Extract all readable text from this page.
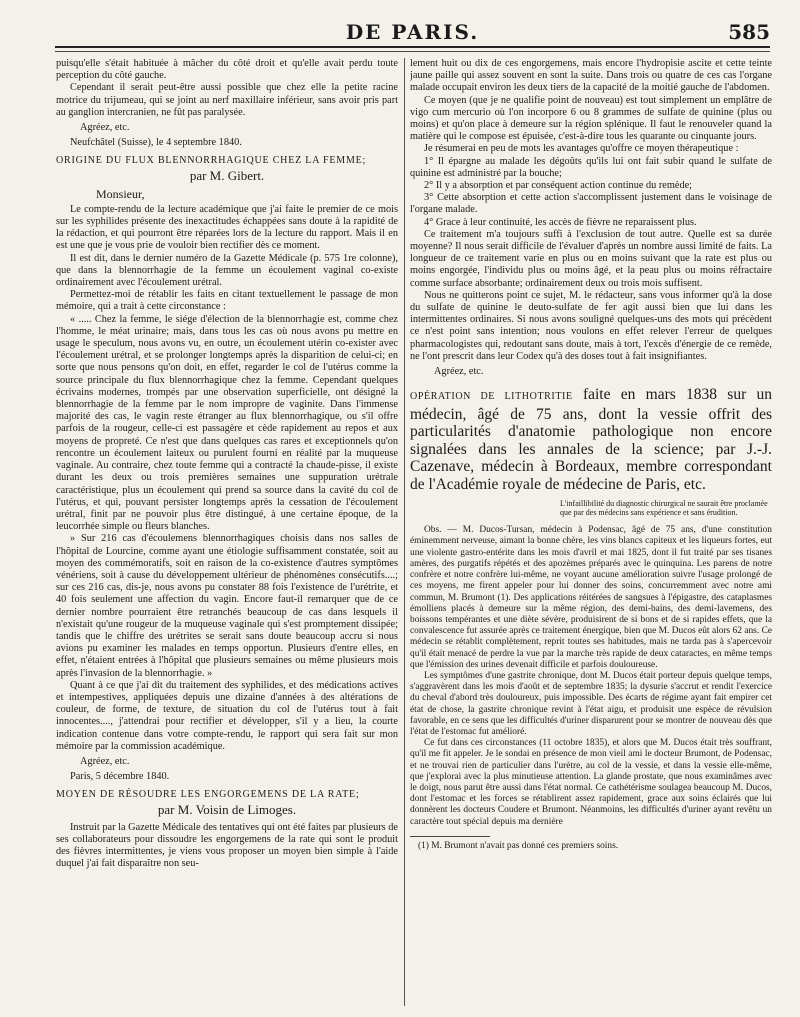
DE PARIS.	585

puisqu'elle s'était habituée à mâcher du côté droit et qu'elle avait perdu toute perception du côté gauche.

Cependant il serait peut-être aussi possible que chez elle la petite racine motrice du trijumeau, qui se joint au nerf maxillaire inférieur, sans avoir pris part au ganglion intercranien, ne fût pas paralysée.

Agréez, etc.

Neufchâtel (Suisse), le 4 septembre 1840.

ORIGINE DU FLUX BLENNORRHAGIQUE CHEZ LA FEMME;

par M. Gibert.

Monsieur,

Le compte-rendu de la lecture académique que j'ai faite le premier de ce mois sur les syphilides présente des inexactitudes échappées sans doute à la rapidité de la rédaction, et qui pourront être réparées lors de la lecture du rapport. Mais il en est une que je vous prie de vouloir bien rectifier dès ce moment.

Il est dit, dans le dernier numéro de la Gazette Médicale (p. 575 1re colonne), que dans la blennorrhagie de la femme un écoulement vaginal co-existe ordinairement avec l'écoulement urétral.

Permettez-moi de rétablir les faits en citant textuellement le passage de mon mémoire, qui a trait à cette circonstance :

« ..... Chez la femme, le siége d'élection de la blennorrhagie est, comme chez l'homme, le méat urinaire; mais, dans tous les cas où nous avons pu mettre en usage le speculum, nous avons vu, en outre, un écoulement utérin co-exister avec l'écoulement urétral, et se prolonger longtemps après la disparition de celui-ci; en sorte que nous pensons qu'on doit, en effet, regarder le col de l'utérus comme la source principale du flux blennorrhagique chez la femme. Cependant quelques écrivains modernes, trompés par une observation superficielle, ont désigné la blennorrhagie de la femme par le nom impropre de vaginite. Dans l'immense majorité des cas, le vagin reste étranger au flux blennorrhagique, ou s'il offre parfois de la rougeur, celle-ci est passagère et cède rapidement au repos et aux moyens de propreté. Ce n'est que dans quelques cas rares et exceptionnels qu'on rencontre un écoulement laiteux ou purulent fourni en réalité par la muqueuse vaginale. Au contraire, chez toute femme qui a contracté la chaude-pisse, il existe durant les deux ou trois premières semaines une suppuration urétrale caractéristique, plus un écoulement qui prend sa source dans la cavité du col de l'utérus, et qui, pouvant persister longtemps après la cessation de l'écoulement urétral, finit par ne pouvoir plus être distingué, à une certaine époque, de la leucorrhée simple ou fleurs blanches.

» Sur 216 cas d'écoulemens blennorrhagiques choisis dans nos salles de l'hôpital de Lourcine, comme ayant une étiologie suffisamment constatée, soit au moyen des commémoratifs, soit en raison de la co-existence d'autres symptômes vénériens, soit à cause du développement ultérieur de phénomènes consécutifs....; sur ces 216 cas, dis-je, nous avons pu constater 88 fois l'existence de l'urétrite, et 40 fois seulement une affection du vagin. Encore faut-il remarquer que de ce dernier nombre pourraient être retranchés beaucoup de cas dans lesquels il n'existait qu'une rougeur de la muqueuse vaginale qui s'est promptement dissipée; tandis que le chiffre des urétrites se serait sans doute beaucoup accru si nous avions pu examiner les malades en temps opportun. Plusieurs d'entre elles, en effet, n'étaient entrées à l'hôpital que plusieurs semaines ou même plusieurs mois après l'invasion de la blennorrhagie. »

Quant à ce que j'ai dit du traitement des syphilides, et des médications actives et intempestives, appliquées depuis une dizaine d'années à des altérations de couleur, de forme, de texture, de situation du col de l'utérus tout à fait innocentes...., j'attendrai pour rectifier et développer, s'il y a lieu, la courte indication contenue dans votre compte-rendu, le rapport qui sera fait sur mon mémoire par la commission académique.

Agréez, etc.

Paris, 5 décembre 1840.

MOYEN DE RÉSOUDRE LES ENGORGEMENS DE LA RATE;

par M. Voisin de Limoges.

Instruit par la Gazette Médicale des tentatives qui ont été faites par plusieurs de ses collaborateurs pour dissoudre les engorgemens de la rate qui sont le produit des fièvres intermittentes, je viens vous proposer un moyen bien simple à l'aide duquel j'ai fait disparaître non seu-

lement huit ou dix de ces engorgemens, mais encore l'hydropisie ascite et cette teinte jaune paille qui assez souvent en sont la suite. Dans trois ou quatre de ces cas l'organe malade occupait environ les deux tiers de la capacité de la moitié gauche de l'abdomen.

Ce moyen (que je ne qualifie point de nouveau) est tout simplement un emplâtre de vigo cum mercurio où l'on incorpore 6 ou 8 grammes de sulfate de quinine (plus ou moins) et qu'on place à demeure sur la région splénique. Il faut le renouveler quand la matière qui le compose est épuisée, c'est-à-dire tous les quarante ou cinquante jours.

Je résumerai en peu de mots les avantages qu'offre ce moyen thérapeutique :

1° Il épargne au malade les dégoûts qu'ils lui ont fait subir quand le sulfate de quinine est administré par la bouche;

2° Il y a absorption et par conséquent action continue du remède;

3° Cette absorption et cette action s'accomplissent justement dans le voisinage de l'organe malade.

4° Grace à leur continuité, les accès de fièvre ne reparaissent plus.

Ce traitement m'a toujours suffi à l'exclusion de tout autre. Quelle est sa durée moyenne? Il nous serait difficile de l'évaluer d'après un nombre aussi limité de faits. La longueur de ce traitement varie en plus ou en moins suivant que la rate est plus ou moins engorgée, l'individu plus ou moins âgé, et la peau plus ou moins réfractaire comme surface absorbante; ordinairement deux ou trois mois suffisent.

Nous ne quitterons point ce sujet, M. le rédacteur, sans vous informer qu'à la dose du sulfate de quinine le deuto-sulfate de fer agit aussi bien que lui dans les intermittentes ordinaires. Si nous avons souligné quelques-uns des mots qui précèdent ce n'est point sans intention; nous voulons en effet relever l'erreur de quelques pharmacologistes qui, redoutant sans doute, mais à tort, l'excès d'énergie de ce remède, ne l'ont prescrit dans leur Codex qu'à des doses tout à fait insignifiantes.

Agréez, etc.

OPÉRATION DE LITHOTRITIE faite en mars 1838 sur un médecin, âgé de 75 ans, dont la vessie offrit des particularités d'anatomie pathologique non encore signalées dans les annales de la science; par J.-J. Cazenave, médecin à Bordeaux, membre correspondant de l'Académie royale de médecine de Paris, etc.

L'infaillibilité du diagnostic chirurgical ne saurait être proclamée que par des médecins sans expérience et sans érudition.

Obs. — M. Ducos-Tursan, médecin à Podensac, âgé de 75 ans, d'une constitution éminemment nerveuse, aimant la bonne chère, les vins blancs capiteux et les liqueurs fortes, eut une violente gastro-entérite dans les mois d'avril et mai 1825, dont il fut traité par ses tisanes amères, des purgatifs répétés et des apozèmes préparés avec le quinquina. Les parens de notre confrère et notre confrère lui-même, ne voyant aucune amélioration suivre l'usage prolongé de ces moyens, me firent appeler pour lui donner des soins, concurremment avec notre ami commun, M. Brumont (1). Des applications réitérées de sangsues à l'épigastre, des cataplasmes émolliens placés à demeure sur la même région, des demi-bains, des demi-lavemens, des boissons tempérantes et une diète sévère, produisirent de si bons et de si rapides effets, que la convalescence fut assurée après ce traitement énergique, bien que M. Ducos eût alors 62 ans. Ce médecin se rétablit complètement, reprit toutes ses habitudes, mais ne tarda pas à s'apercevoir qu'il était menacé de perdre la vue par la marche très rapide de deux cataractes, en même temps que l'émission des urines devenait difficile et parfois douloureuse.

Les symptômes d'une gastrite chronique, dont M. Ducos était porteur depuis quelque temps, s'aggravèrent dans les mois d'août et de septembre 1835; la dysurie s'accrut et rendit l'exercice du cheval d'abord très douloureux, puis impossible. Des écarts de régime ayant fait empirer cet état de chose, la gastrite chronique revint à l'état aigu, et produisit une espèce de révulsion favorable, en ce sens que les difficultés d'uriner disparurent pour se montrer de nouveau dès que l'état de l'estomac fut amélioré.

Ce fut dans ces circonstances (11 octobre 1835), et alors que M. Ducos était très souffrant, qu'il me fit appeler. Je le sondai en présence de mon vieil ami le docteur Brumont, de Podensac, et ne trouvai rien de particulier dans l'urètre, au col de la vessie, et dans la vessie elle-même, que j'explorai avec la plus minutieuse attention. La glande prostate, que nous examinâmes avec le doigt, nous parut être aussi dans l'état normal. Ce cathétérisme soulagea beaucoup M. Ducos, dont l'estomac et les forces se rétablirent assez rapidement, grace aux soins éclairés que lui donnèrent les docteurs Coudere et Brumont. Néanmoins, les difficultés d'uriner ayant revêtu un caractère tout spécial depuis ma dernière

(1) M. Brumont n'avait pas donné ces premiers soins.
